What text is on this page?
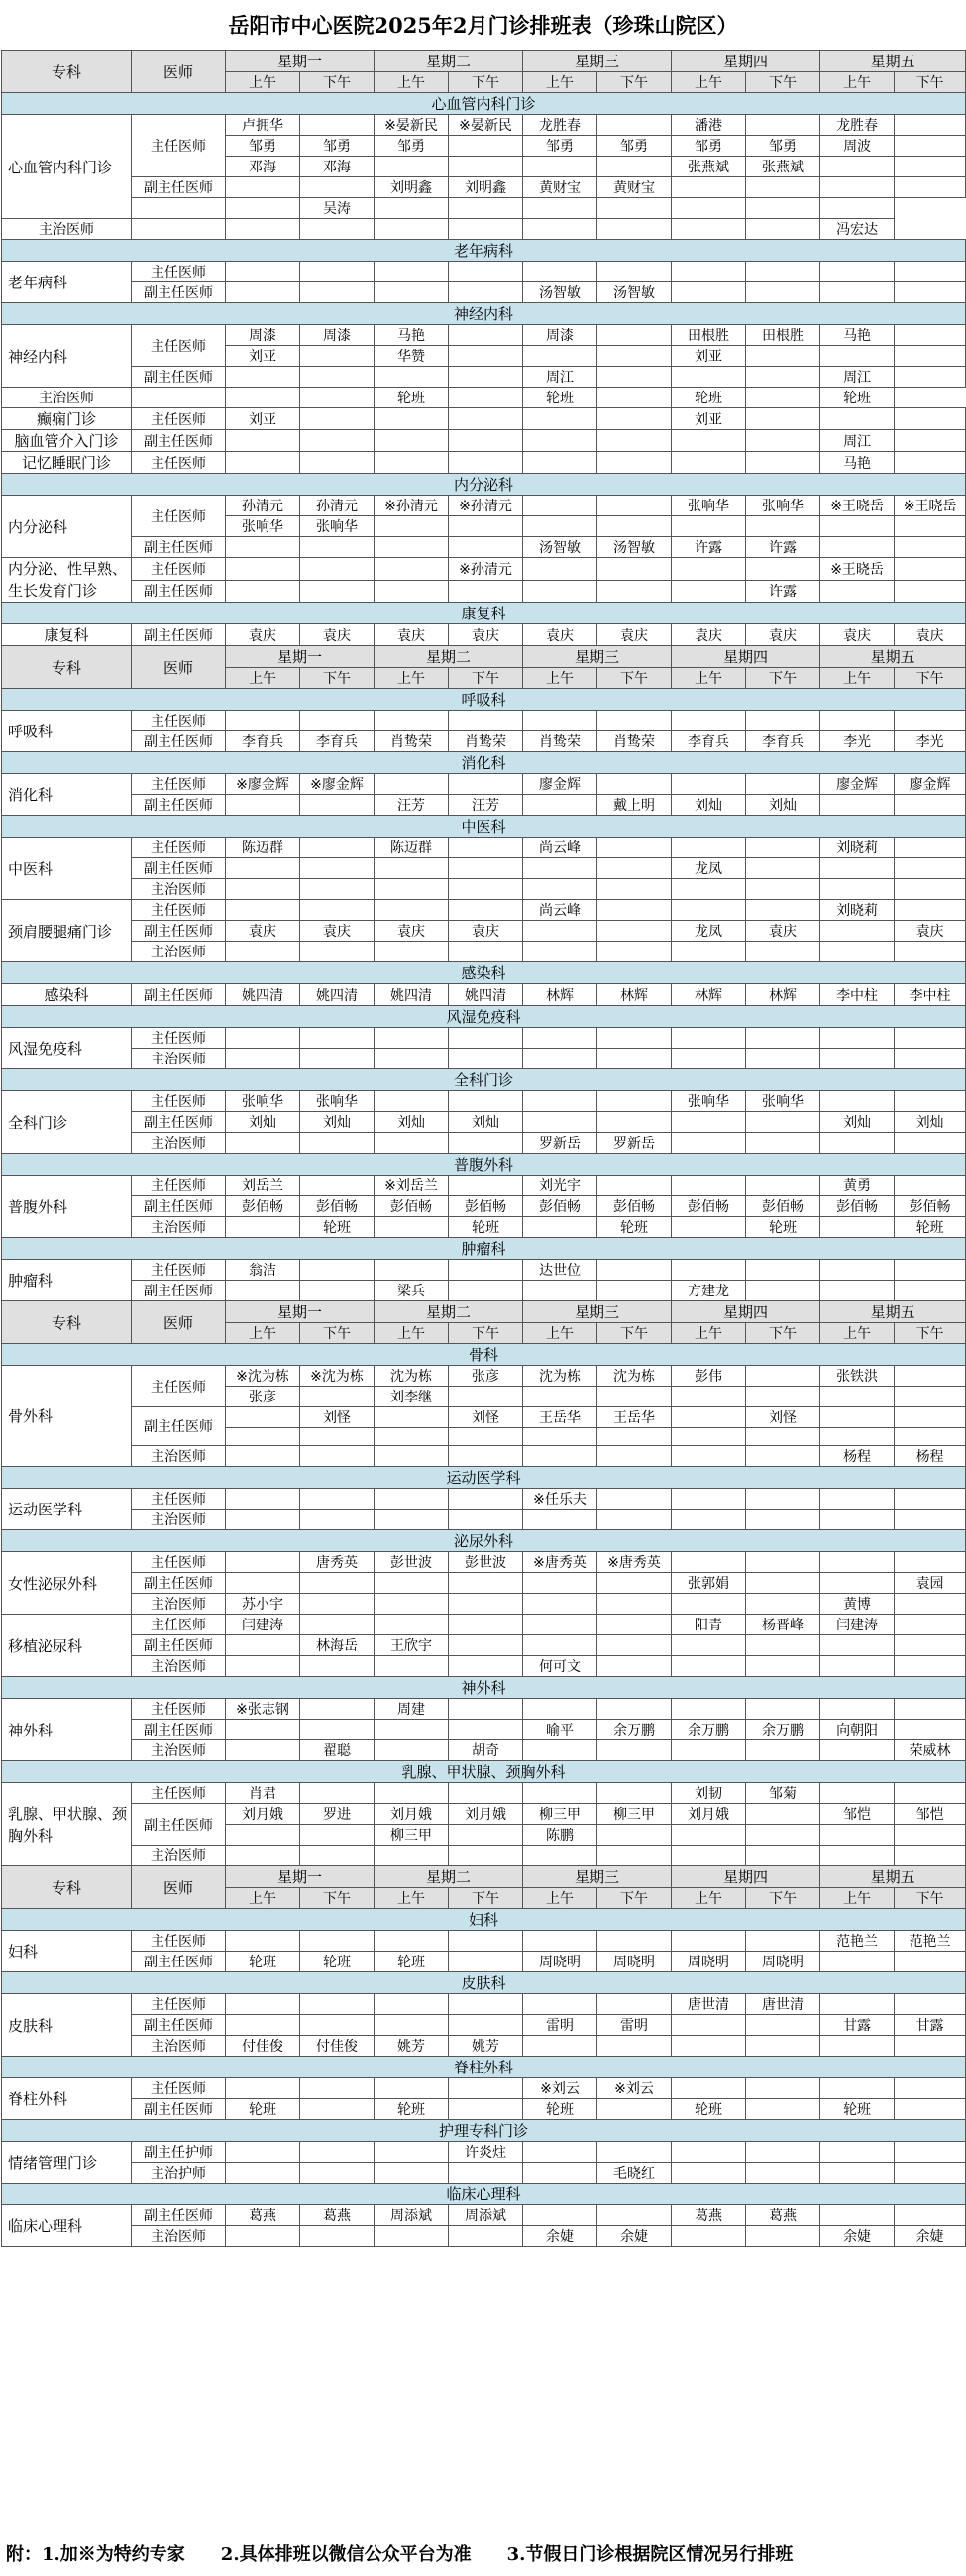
岳阳市中心医院2025年2月门诊排班表（珍珠山院区）
专科	医师	星期一		星期二		星期三		星期四		星期五	
		上午	下午	上午	下午	上午	下午	上午	下午	上午	下午
心血管内科门诊											
心血管内科门诊	主任医师	卢拥华		※晏新民	※晏新民	龙胜春		潘港		龙胜春	
		邹勇	邹勇	邹勇		邹勇	邹勇	邹勇	邹勇	周波	
		邓海	邓海					张燕斌	张燕斌		
	副主任医师			刘明鑫	刘明鑫	黄财宝	黄财宝				
			吴涛								
主治医师										冯宏达	
老年病科											
老年病科	主任医师										
	副主任医师					汤智敏	汤智敏				
神经内科											
神经内科	主任医师	周漆	周漆	马艳		周漆		田根胜	田根胜	马艳	
		刘亚		华赞				刘亚			
	副主任医师					周江				周江	
主治医师				轮班		轮班		轮班		轮班	
癫痫门诊	主任医师	刘亚						刘亚			
脑血管介入门诊	副主任医师									周江	
记忆睡眠门诊	主任医师									马艳	
内分泌科											
内分泌科	主任医师	孙清元	孙清元	※孙清元	※孙清元			张响华	张响华	※王晓岳	※王晓岳
		张响华	张响华								
	副主任医师					汤智敏	汤智敏	许露	许露		
内分泌、性早熟、生长发育门诊	主任医师				※孙清元					※王晓岳	
	副主任医师								许露		
康复科											
康复科	副主任医师	袁庆	袁庆	袁庆	袁庆	袁庆	袁庆	袁庆	袁庆	袁庆	袁庆
专科	医师	星期一		星期二		星期三		星期四		星期五	
		上午	下午	上午	下午	上午	下午	上午	下午	上午	下午
呼吸科											
呼吸科	主任医师										
	副主任医师	李育兵	李育兵	肖鸷荣	肖鸷荣	肖鸷荣	肖鸷荣	李育兵	李育兵	李光	李光
消化科											
消化科	主任医师	※廖金辉	※廖金辉			廖金辉				廖金辉	廖金辉
	副主任医师			汪芳	汪芳		戴上明	刘灿	刘灿		
中医科											
中医科	主任医师	陈迈群		陈迈群		尚云峰				刘晓莉	
	副主任医师							龙凤			
	主治医师										
颈肩腰腿痛门诊	主任医师					尚云峰				刘晓莉	
	副主任医师	袁庆	袁庆	袁庆	袁庆			龙凤	袁庆		袁庆
	主治医师										
感染科											
感染科	副主任医师	姚四清	姚四清	姚四清	姚四清	林辉	林辉	林辉	林辉	李中柱	李中柱
风湿免疫科											
风湿免疫科	主任医师										
	主治医师										
全科门诊											
全科门诊	主任医师	张响华	张响华					张响华	张响华		
	副主任医师	刘灿	刘灿	刘灿	刘灿					刘灿	刘灿
	主治医师					罗新岳	罗新岳				
普腹外科											
普腹外科	主任医师	刘岳兰		※刘岳兰		刘光宇				黄勇	
	副主任医师	彭佰畅	彭佰畅	彭佰畅	彭佰畅	彭佰畅	彭佰畅	彭佰畅	彭佰畅	彭佰畅	彭佰畅
	主治医师		轮班		轮班		轮班		轮班		轮班
肿瘤科											
肿瘤科	主任医师	翁洁				达世位					
	副主任医师			梁兵				方建龙			
专科	医师	星期一		星期二		星期三		星期四		星期五	
		上午	下午	上午	下午	上午	下午	上午	下午	上午	下午
骨科											
骨外科	主任医师	※沈为栋	※沈为栋	沈为栋	张彦	沈为栋	沈为栋	彭伟		张铁洪	
		张彦		刘李继							
	副主任医师		刘怪		刘怪	王岳华	王岳华		刘怪		

	主治医师									杨程	杨程
运动医学科											
运动医学科	主任医师					※任乐夫					
	主治医师										
泌尿外科											
女性泌尿外科	主任医师		唐秀英	彭世波	彭世波	※唐秀英	※唐秀英				
	副主任医师							张郭娟			袁园
	主治医师	苏小宇								黄博	
移植泌尿科	主任医师	闫建涛						阳青	杨晋峰	闫建涛	
	副主任医师		林海岳	王欣宇							
	主治医师					何可文					
神外科											
神外科	主任医师	※张志钢		周建							
	副主任医师					喻平	余万鹏	余万鹏	余万鹏	向朝阳	
	主治医师		翟聪		胡奇						荣威林
乳腺、甲状腺、颈胸外科											
乳腺、甲状腺、颈胸外科	主任医师	肖君						刘韧	邹菊		
	副主任医师	刘月娥	罗进	刘月娥	刘月娥	柳三甲	柳三甲	刘月娥		邹恺	邹恺
				柳三甲		陈鹏					
	主治医师										
专科	医师	星期一		星期二		星期三		星期四		星期五	
		上午	下午	上午	下午	上午	下午	上午	下午	上午	下午
妇科											
妇科	主任医师									范艳兰	范艳兰
	副主任医师	轮班	轮班	轮班		周晓明	周晓明	周晓明	周晓明		
皮肤科											
皮肤科	主任医师							唐世清	唐世清		
	副主任医师					雷明	雷明			甘露	甘露
	主治医师	付佳俊	付佳俊	姚芳	姚芳						
脊柱外科											
脊柱外科	主任医师					※刘云	※刘云				
	副主任医师	轮班		轮班		轮班		轮班		轮班	
护理专科门诊											
情绪管理门诊	副主任护师				许炎炷						
	主治护师						毛晓红				
临床心理科											
临床心理科	副主任医师	葛燕	葛燕	周添斌	周添斌			葛燕	葛燕		
	主治医师					余婕	余婕			余婕	余婕
附：1.加※为特约专家　　2.具体排班以微信公众平台为准　　3.节假日门诊根据院区情况另行排班
